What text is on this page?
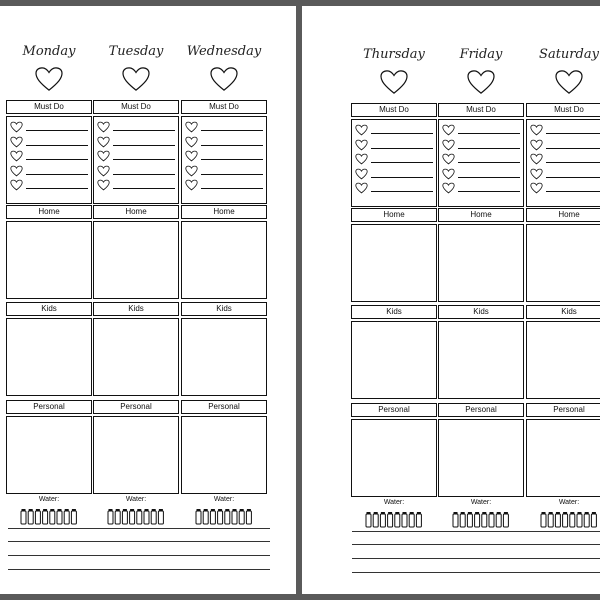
Monday
Must Do
Home
Kids
Personal
Water:
Tuesday
Must Do
Home
Kids
Personal
Water:
Wednesday
Must Do
Home
Kids
Personal
Water:
Thursday
Must Do
Home
Kids
Personal
Water:
Friday
Must Do
Home
Kids
Personal
Water:
Saturday
Must Do
Home
Kids
Personal
Water:
